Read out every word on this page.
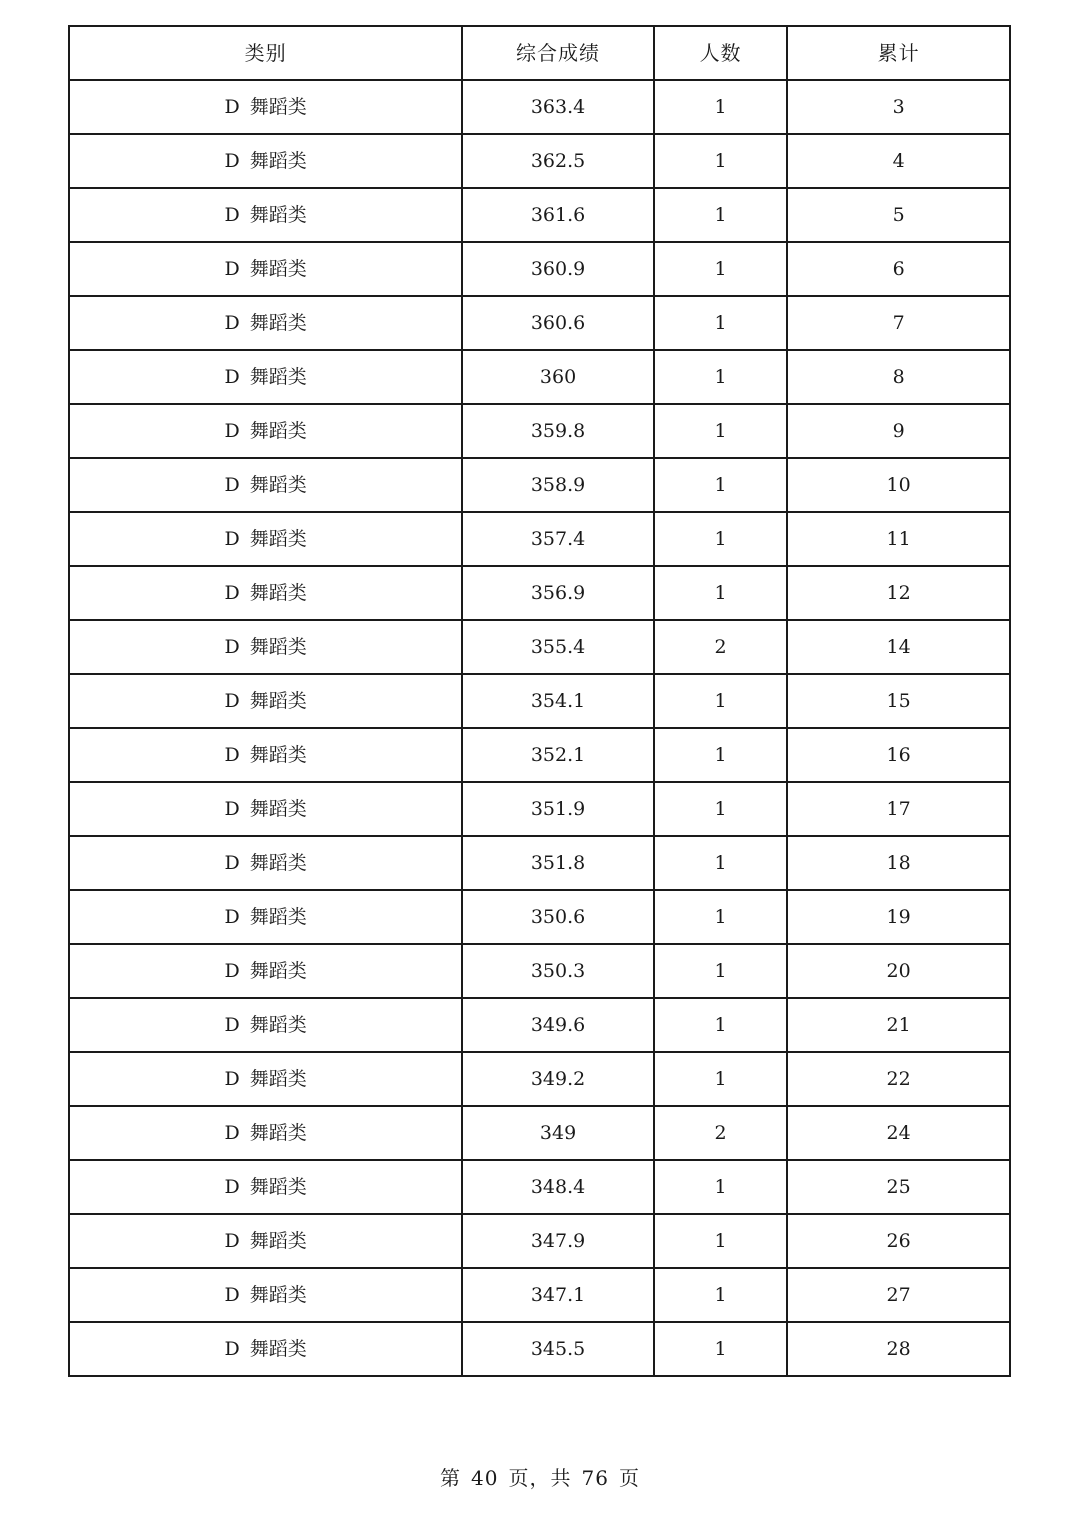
类别	综合成绩	人数	累计
D 舞蹈类	363.4	1	3
D 舞蹈类	362.5	1	4
D 舞蹈类	361.6	1	5
D 舞蹈类	360.9	1	6
D 舞蹈类	360.6	1	7
D 舞蹈类	360	1	8
D 舞蹈类	359.8	1	9
D 舞蹈类	358.9	1	10
D 舞蹈类	357.4	1	11
D 舞蹈类	356.9	1	12
D 舞蹈类	355.4	2	14
D 舞蹈类	354.1	1	15
D 舞蹈类	352.1	1	16
D 舞蹈类	351.9	1	17
D 舞蹈类	351.8	1	18
D 舞蹈类	350.6	1	19
D 舞蹈类	350.3	1	20
D 舞蹈类	349.6	1	21
D 舞蹈类	349.2	1	22
D 舞蹈类	349	2	24
D 舞蹈类	348.4	1	25
D 舞蹈类	347.9	1	26
D 舞蹈类	347.1	1	27
D 舞蹈类	345.5	1	28
第 40 页，共 76 页
